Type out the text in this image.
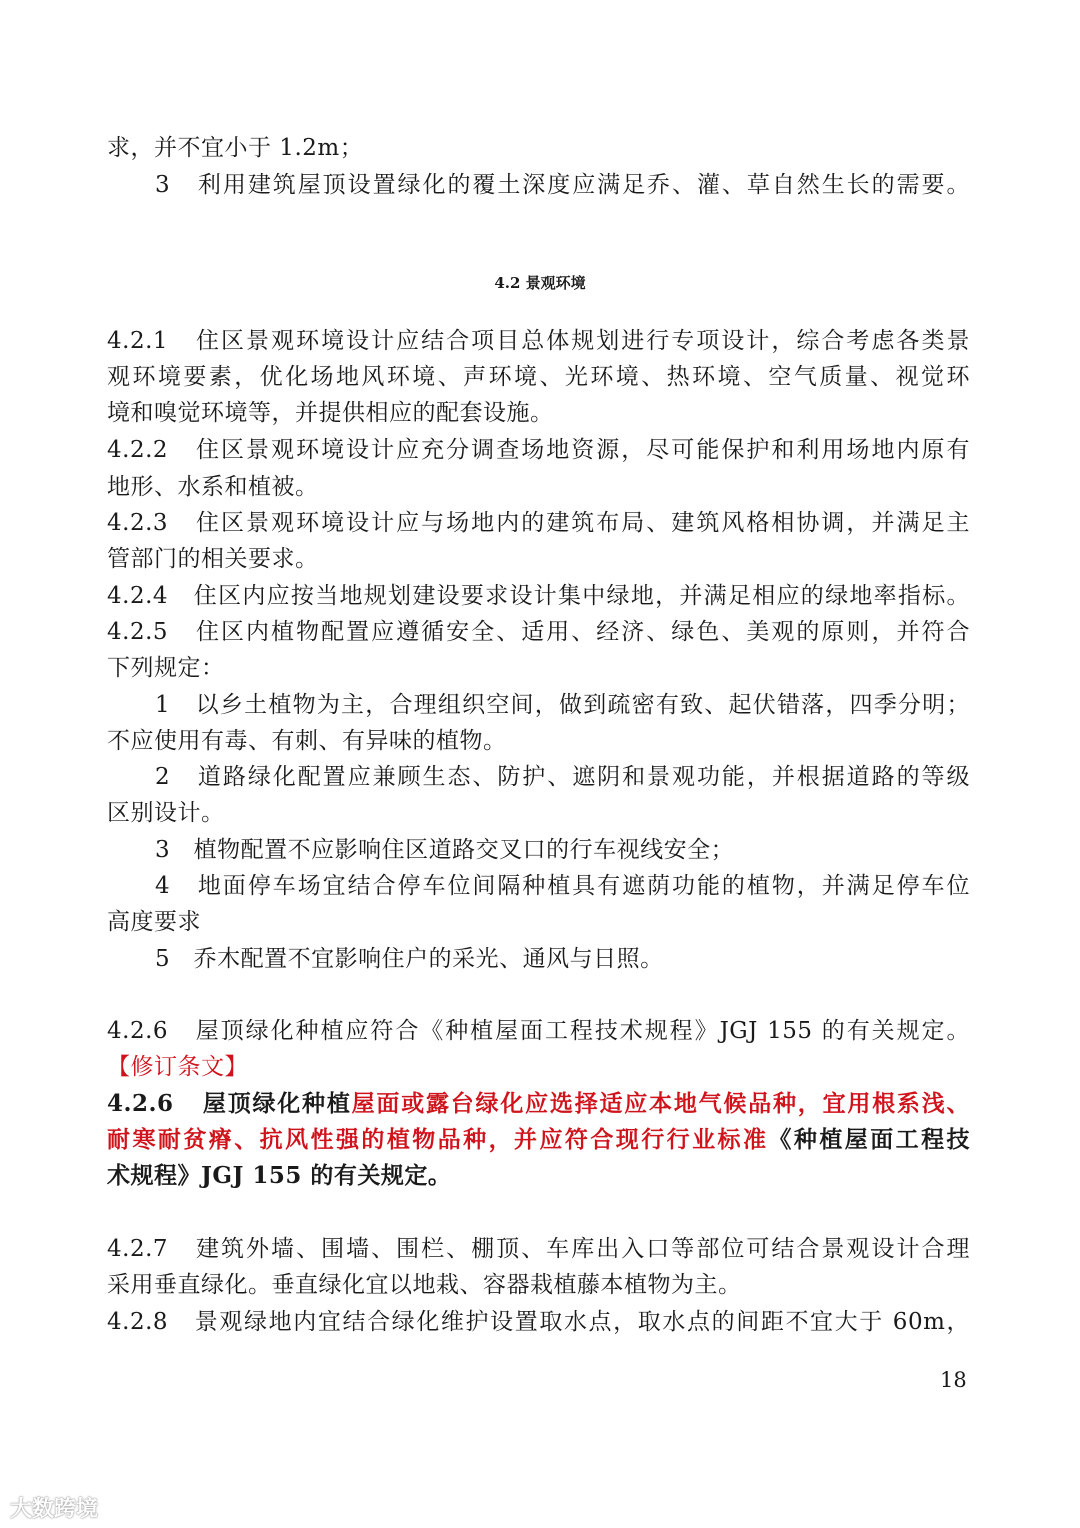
4.2 景观环境
18
大数跨境
求，并不宜小于 1.2m；
3   利用建筑屋顶设置绿化的覆土深度应满足乔、灌、草自然生长的需要。
4.2.1   住区景观环境设计应结合项目总体规划进行专项设计，综合考虑各类景
观环境要素，优化场地风环境、声环境、光环境、热环境、空气质量、视觉环
境和嗅觉环境等，并提供相应的配套设施。
4.2.2   住区景观环境设计应充分调查场地资源，尽可能保护和利用场地内原有
地形、水系和植被。
4.2.3   住区景观环境设计应与场地内的建筑布局、建筑风格相协调，并满足主
管部门的相关要求。
4.2.4   住区内应按当地规划建设要求设计集中绿地，并满足相应的绿地率指标。
4.2.5   住区内植物配置应遵循安全、适用、经济、绿色、美观的原则，并符合
下列规定：
1   以乡土植物为主，合理组织空间，做到疏密有致、起伏错落，四季分明；
不应使用有毒、有刺、有异味的植物。
2   道路绿化配置应兼顾生态、防护、遮阴和景观功能，并根据道路的等级
区别设计。
3   植物配置不应影响住区道路交叉口的行车视线安全；
4   地面停车场宜结合停车位间隔种植具有遮荫功能的植物，并满足停车位
高度要求
5   乔木配置不宜影响住户的采光、通风与日照。
4.2.6   屋顶绿化种植应符合《种植屋面工程技术规程》JGJ 155 的有关规定。
【修订条文】
4.2.6   屋顶绿化种植屋面或露台绿化应选择适应本地气候品种，宜用根系浅、
耐寒耐贫瘠、抗风性强的植物品种，并应符合现行行业标准《种植屋面工程技
术规程》JGJ 155 的有关规定。
4.2.7   建筑外墙、围墙、围栏、棚顶、车库出入口等部位可结合景观设计合理
采用垂直绿化。垂直绿化宜以地栽、容器栽植藤本植物为主。
4.2.8   景观绿地内宜结合绿化维护设置取水点，取水点的间距不宜大于 60m，
